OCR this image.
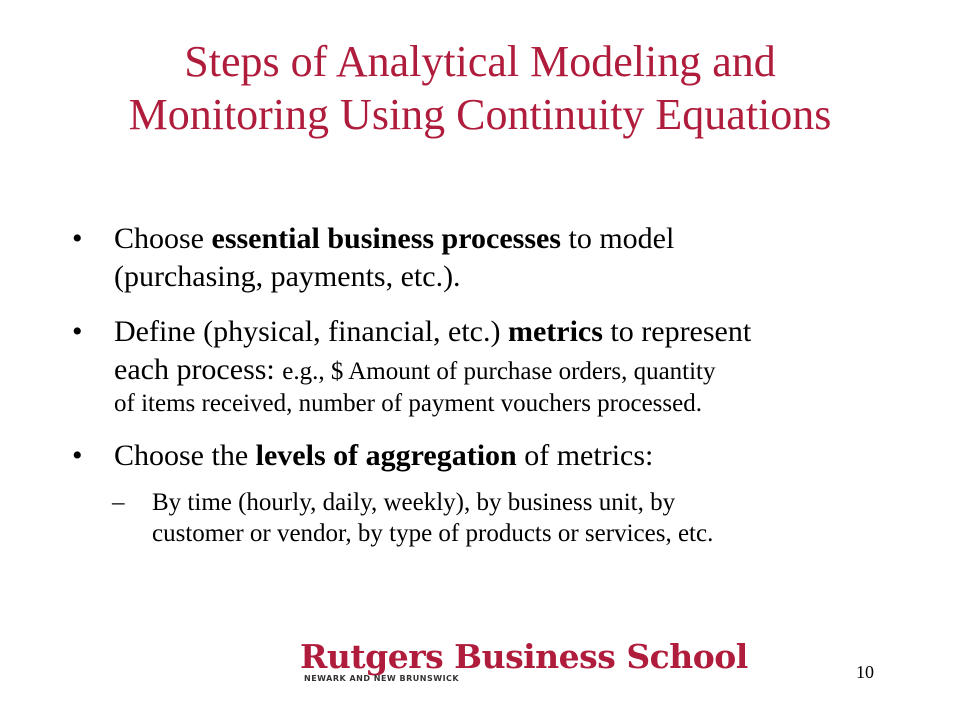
Steps of Analytical Modeling and
Monitoring Using Continuity Equations
• Choose essential business processes to model
(purchasing, payments, etc.).
• Define (physical, financial, etc.) metrics to represent
each process: e.g., $ Amount of purchase orders, quantity
of items received, number of payment vouchers processed.
• Choose the levels of aggregation of metrics:
– By time (hourly, daily, weekly), by business unit, by
customer or vendor, by type of products or services, etc.
Rutgers Business School
NEWARK AND NEW BRUNSWICK	10
